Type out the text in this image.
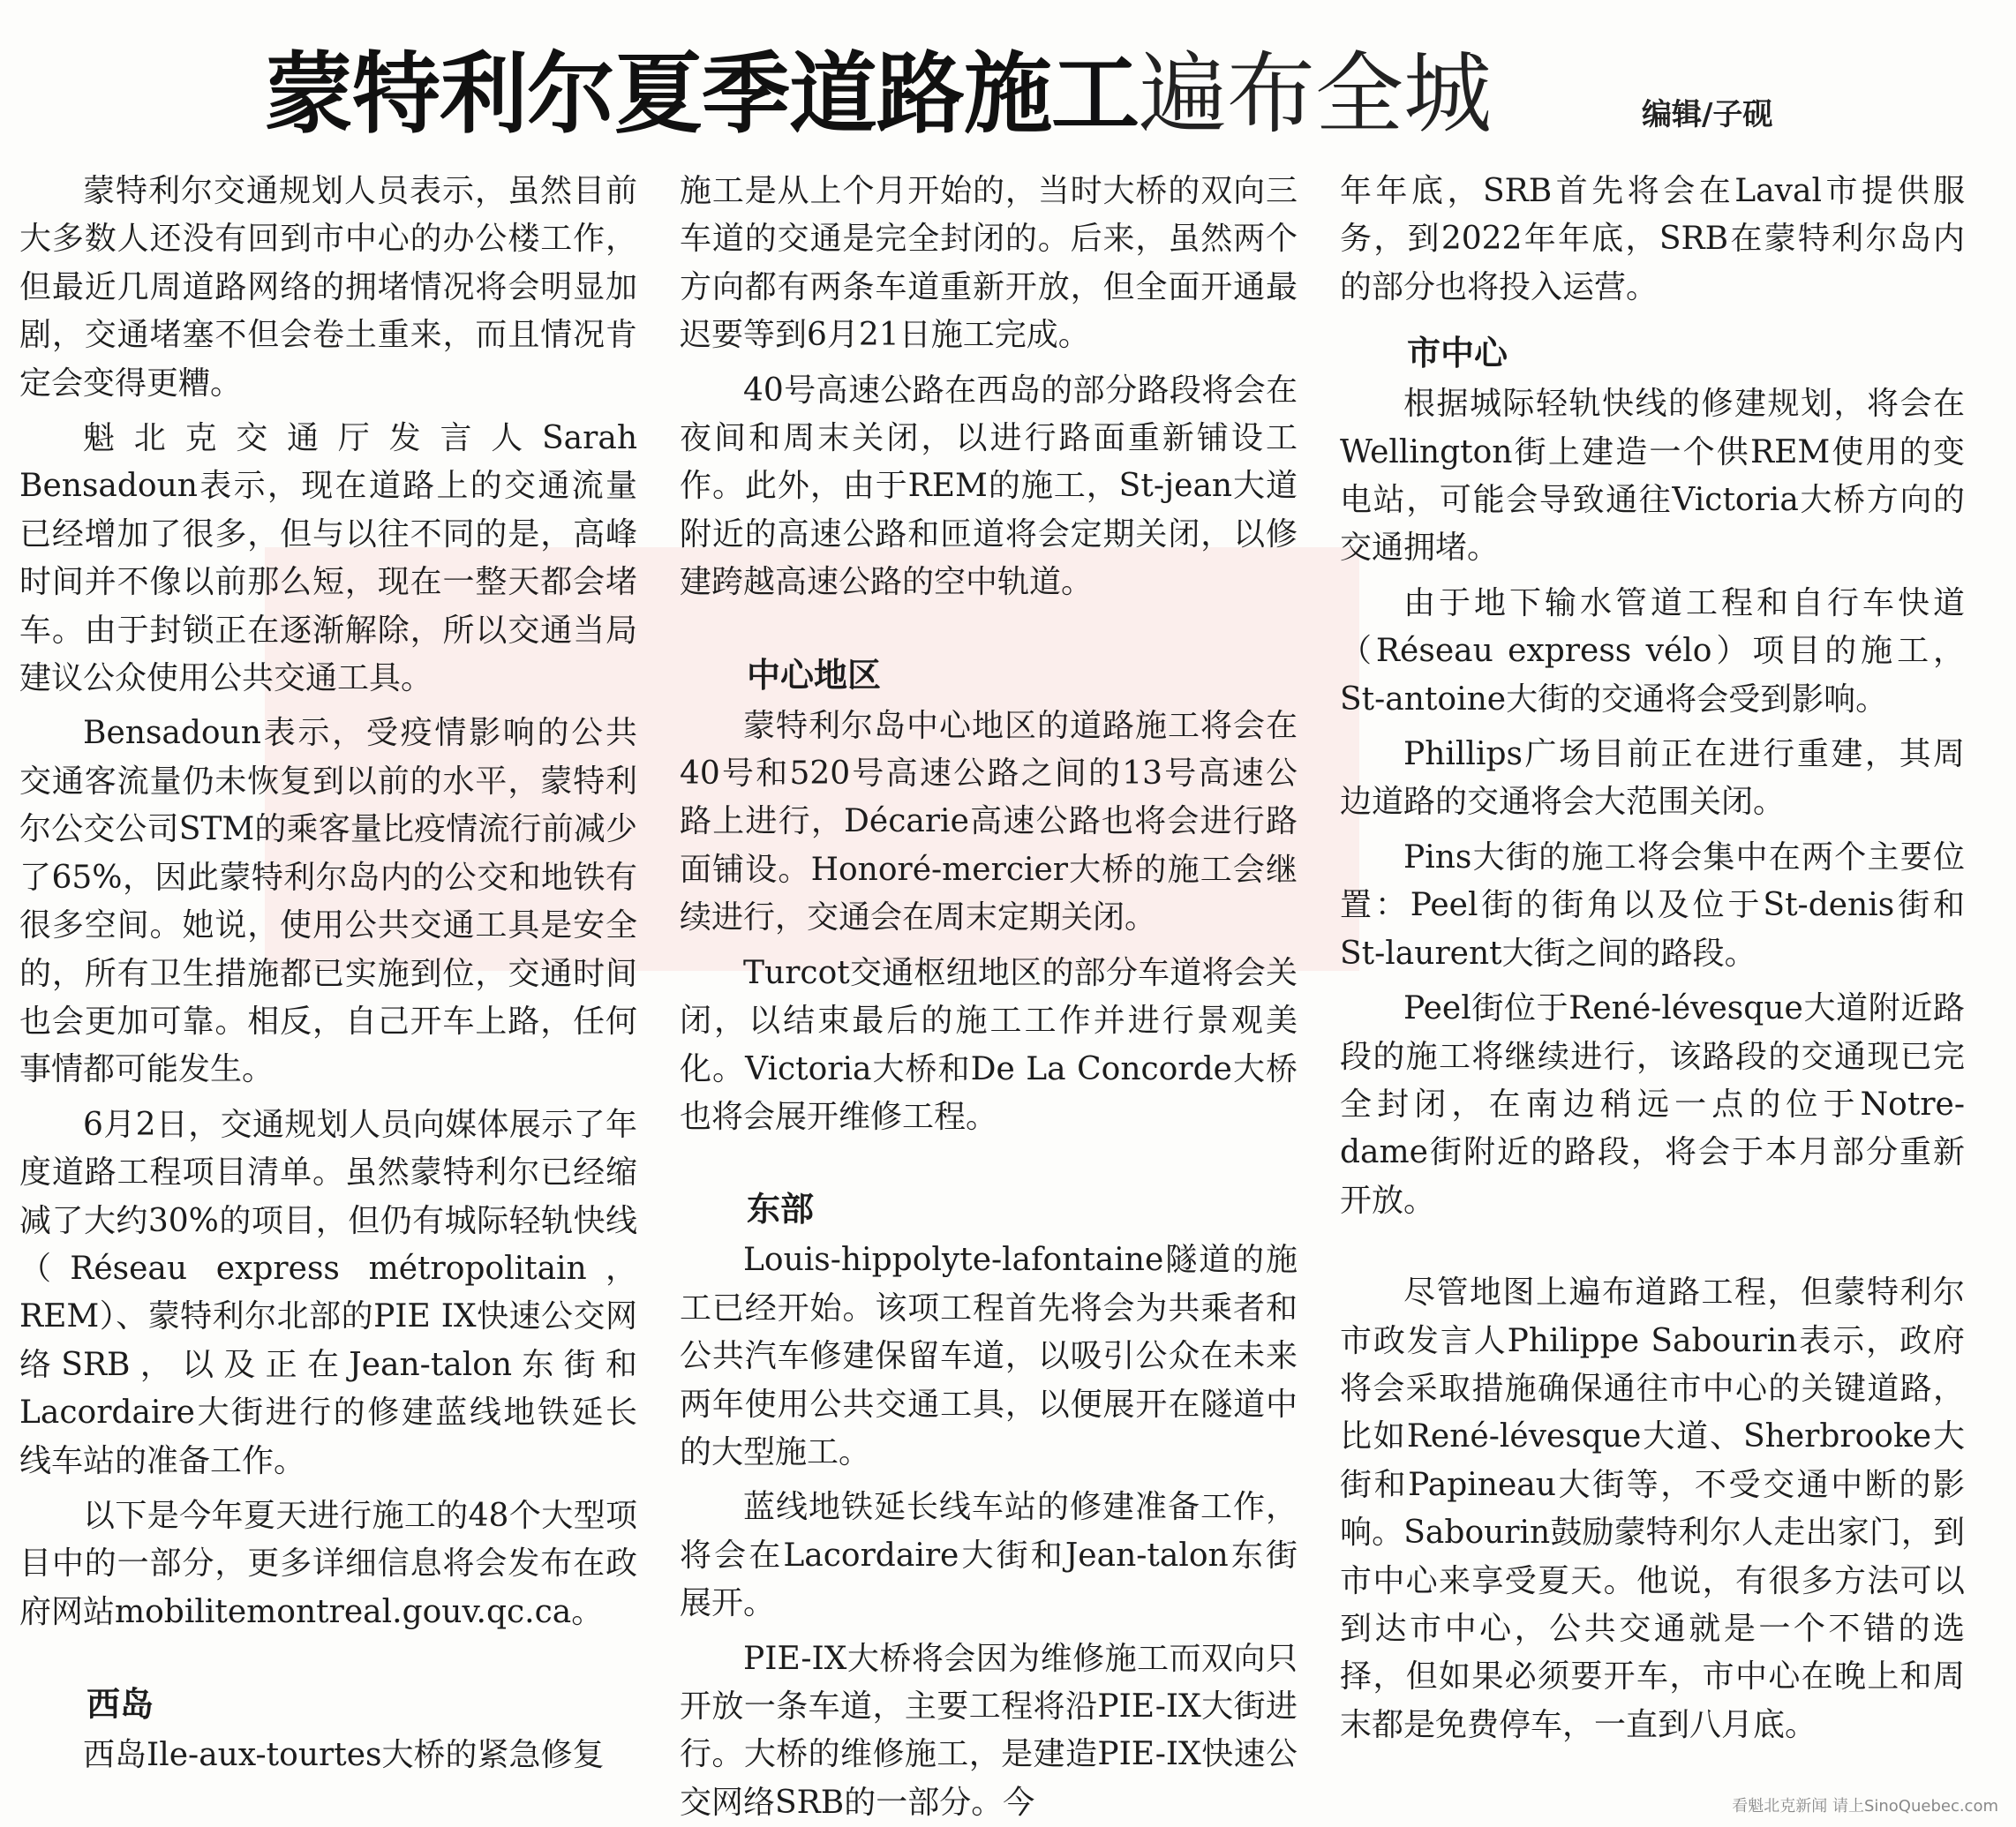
蒙特利尔夏季道路施工 遍布全城	编辑/子砚

蒙特利尔交通规划人员表示，虽然目前大多数人还没有回到市中心的办公楼工作，但最近几周道路网络的拥堵情况将会明显加剧，交通堵塞不但会卷土重来，而且情况肯定会变得更糟。

魁北克交通厅发言人Sarah Bensadoun表示，现在道路上的交通流量已经增加了很多，但与以往不同的是，高峰时间并不像以前那么短，现在一整天都会堵车。由于封锁正在逐渐解除，所以交通当局建议公众使用公共交通工具。

Bensadoun表示，受疫情影响的公共交通客流量仍未恢复到以前的水平，蒙特利尔公交公司STM的乘客量比疫情流行前减少了65%，因此蒙特利尔岛内的公交和地铁有很多空间。她说，使用公共交通工具是安全的，所有卫生措施都已实施到位，交通时间也会更加可靠。相反，自己开车上路，任何事情都可能发生。

6月2日，交通规划人员向媒体展示了年度道路工程项目清单。虽然蒙特利尔已经缩减了大约30%的项目，但仍有城际轻轨快线（Réseau express métropolitain，REM）、蒙特利尔北部的PIE IX快速公交网络SRB，以及正在Jean-talon东街和Lacordaire大街进行的修建蓝线地铁延长线车站的准备工作。

以下是今年夏天进行施工的48个大型项目中的一部分，更多详细信息将会发布在政府网站mobilitemontreal.gouv.qc.ca。

西岛

西岛Ile-aux-tourtes大桥的紧急修复

施工是从上个月开始的，当时大桥的双向三车道的交通是完全封闭的。后来，虽然两个方向都有两条车道重新开放，但全面开通最迟要等到6月21日施工完成。

40号高速公路在西岛的部分路段将会在夜间和周末关闭，以进行路面重新铺设工作。此外，由于REM的施工，St-jean大道附近的高速公路和匝道将会定期关闭，以修建跨越高速公路的空中轨道。

中心地区

蒙特利尔岛中心地区的道路施工将会在40号和520号高速公路之间的13号高速公路上进行，Décarie高速公路也将会进行路面铺设。Honoré-mercier大桥的施工会继续进行，交通会在周末定期关闭。

Turcot交通枢纽地区的部分车道将会关闭，以结束最后的施工工作并进行景观美化。Victoria大桥和De La Concorde大桥也将会展开维修工程。

东部

Louis-hippolyte-lafontaine隧道的施工已经开始。该项工程首先将会为共乘者和公共汽车修建保留车道，以吸引公众在未来两年使用公共交通工具，以便展开在隧道中的大型施工。

蓝线地铁延长线车站的修建准备工作，将会在Lacordaire大街和Jean-talon东街展开。

PIE-IX大桥将会因为维修施工而双向只开放一条车道，主要工程将沿PIE-IX大街进行。大桥的维修施工，是建造PIE-IX快速公交网络SRB的一部分。今

年年底，SRB首先将会在Laval市提供服务，到2022年年底，SRB在蒙特利尔岛内的部分也将投入运营。

市中心

根据城际轻轨快线的修建规划，将会在Wellington街上建造一个供REM使用的变电站，可能会导致通往Victoria大桥方向的交通拥堵。

由于地下输水管道工程和自行车快道（Réseau express vélo）项目的施工，St-antoine大街的交通将会受到影响。

Phillips广场目前正在进行重建，其周边道路的交通将会大范围关闭。

Pins大街的施工将会集中在两个主要位置：Peel街的街角以及位于St-denis街和St-laurent大街之间的路段。

Peel街位于René-lévesque大道附近路段的施工将继续进行，该路段的交通现已完全封闭，在南边稍远一点的位于Notre-dame街附近的路段，将会于本月部分重新开放。

尽管地图上遍布道路工程，但蒙特利尔市政发言人Philippe Sabourin表示，政府将会采取措施确保通往市中心的关键道路，比如René-lévesque大道、Sherbrooke大街和Papineau大街等，不受交通中断的影响。Sabourin鼓励蒙特利尔人走出家门，到市中心来享受夏天。他说，有很多方法可以到达市中心，公共交通就是一个不错的选择，但如果必须要开车，市中心在晚上和周末都是免费停车，一直到八月底。

看魁北克新闻 请上SinoQuebec.com
